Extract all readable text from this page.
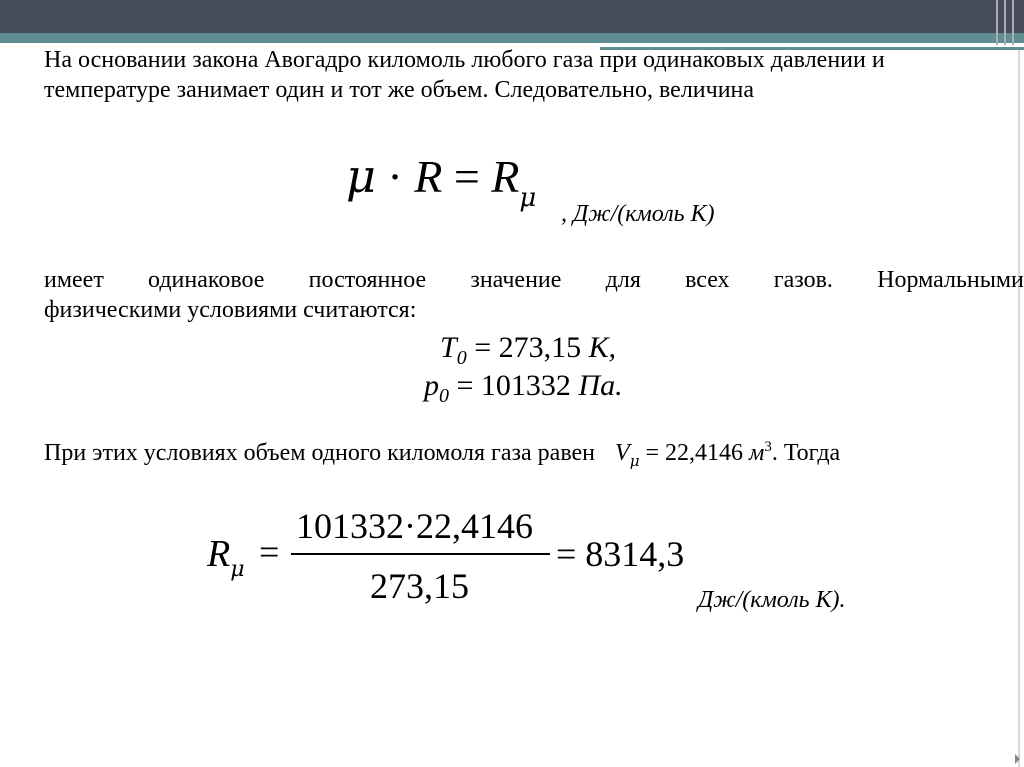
На основании закона Авогадро киломоль любого газа при одинаковых давлении и
температуре занимает один и тот же объем. Следовательно, величина
$\mu \cdot R = R_\mu$
, Дж/(кмоль К)
имеет одинаковое постоянное значение для всех газов. Нормальными
физическими условиями считаются:
$T_0 = 273,15$ К,
$p_0 = 101332$ Па.
При этих условиях объем одного киломоля газа равен $V_\mu = 22,4146$ $м^3$. Тогда
$R_\mu$ =
101332·22,4146
273,15
= 8314,3
Дж/(кмоль К).
